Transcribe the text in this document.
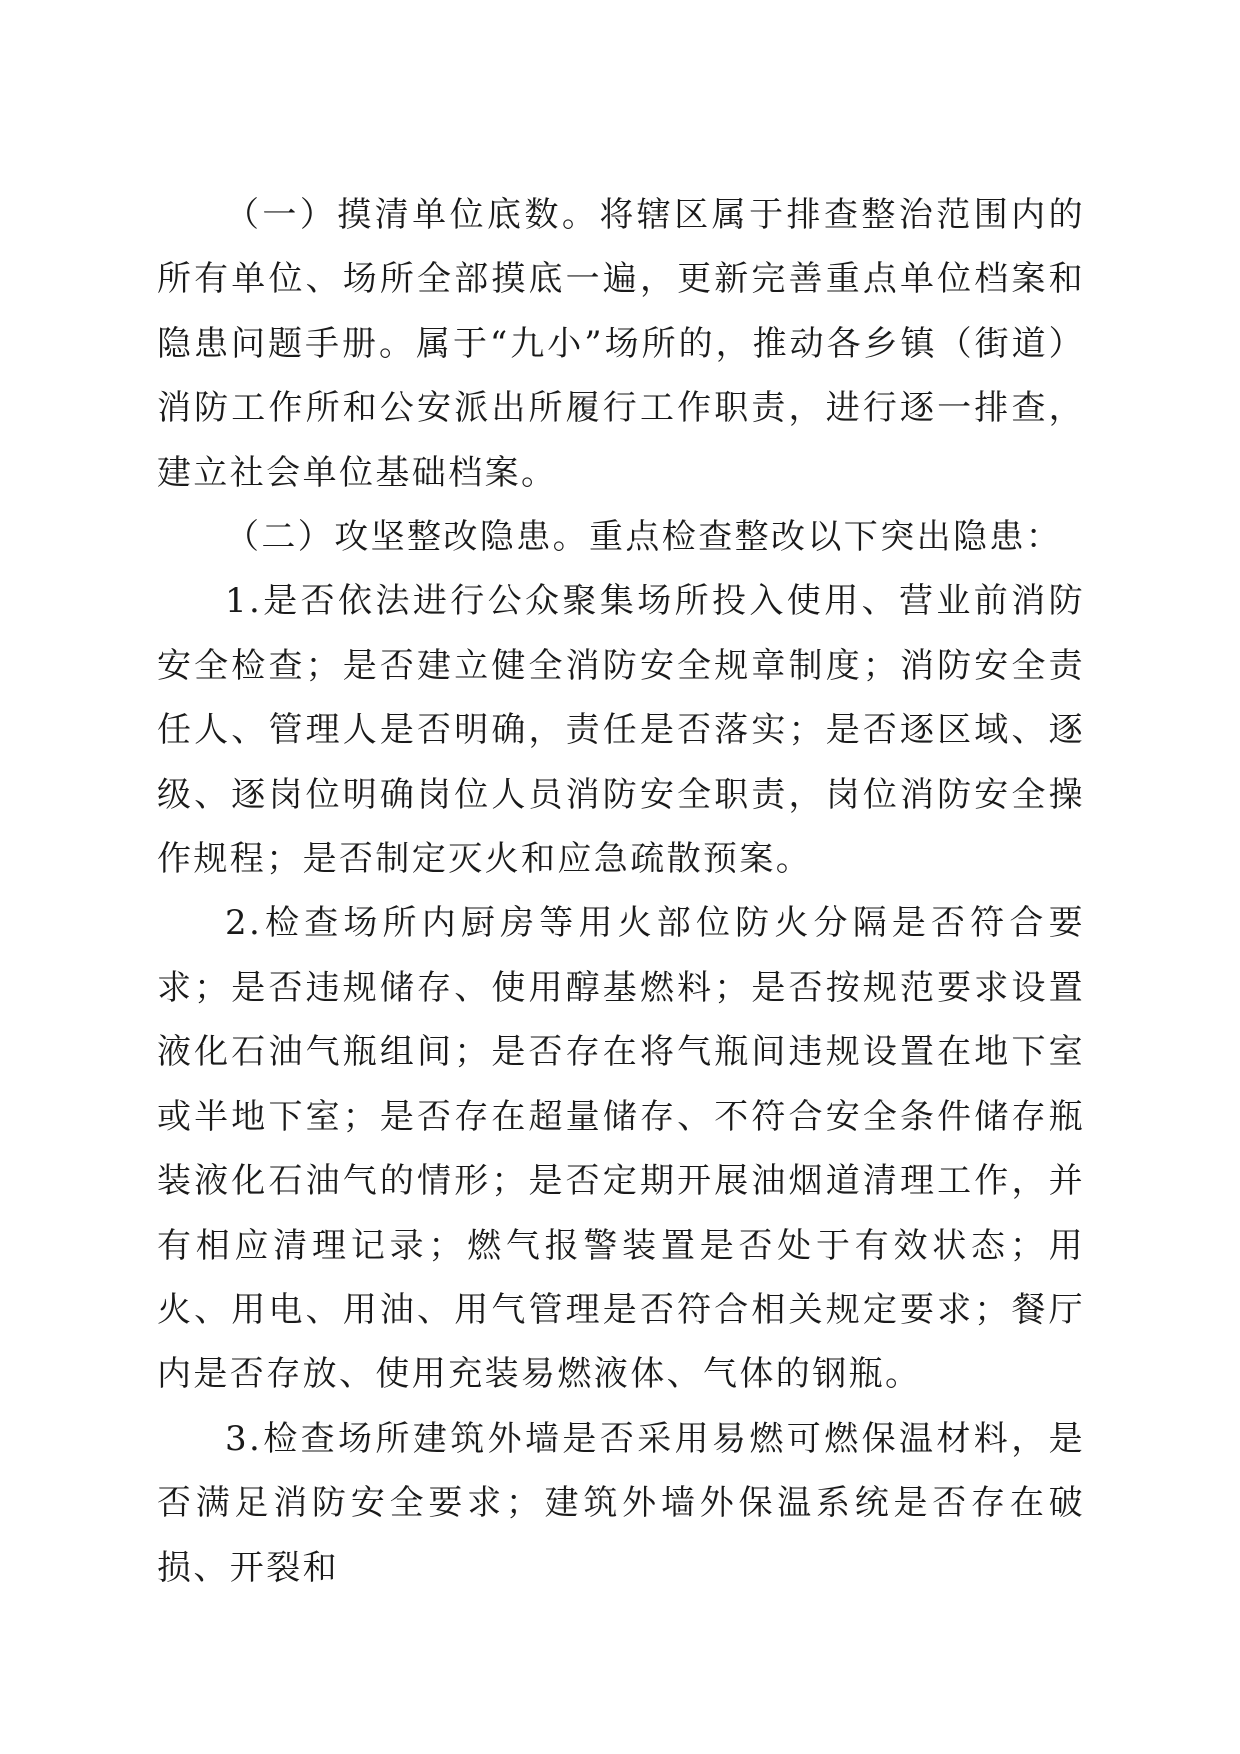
（一）摸清单位底数。将辖区属于排查整治范围内的所有单位、场所全部摸底一遍，更新完善重点单位档案和隐患问题手册。属于“九小”场所的，推动各乡镇（街道）消防工作所和公安派出所履行工作职责，进行逐一排查，建立社会单位基础档案。

（二）攻坚整改隐患。重点检查整改以下突出隐患：

1.是否依法进行公众聚集场所投入使用、营业前消防安全检查；是否建立健全消防安全规章制度；消防安全责任人、管理人是否明确，责任是否落实；是否逐区域、逐级、逐岗位明确岗位人员消防安全职责，岗位消防安全操作规程；是否制定灭火和应急疏散预案。

2.检查场所内厨房等用火部位防火分隔是否符合要求；是否违规储存、使用醇基燃料；是否按规范要求设置液化石油气瓶组间；是否存在将气瓶间违规设置在地下室或半地下室；是否存在超量储存、不符合安全条件储存瓶装液化石油气的情形；是否定期开展油烟道清理工作，并有相应清理记录；燃气报警装置是否处于有效状态；用火、用电、用油、用气管理是否符合相关规定要求；餐厅内是否存放、使用充装易燃液体、气体的钢瓶。

3.检查场所建筑外墙是否采用易燃可燃保温材料，是否满足消防安全要求；建筑外墙外保温系统是否存在破损、开裂和
